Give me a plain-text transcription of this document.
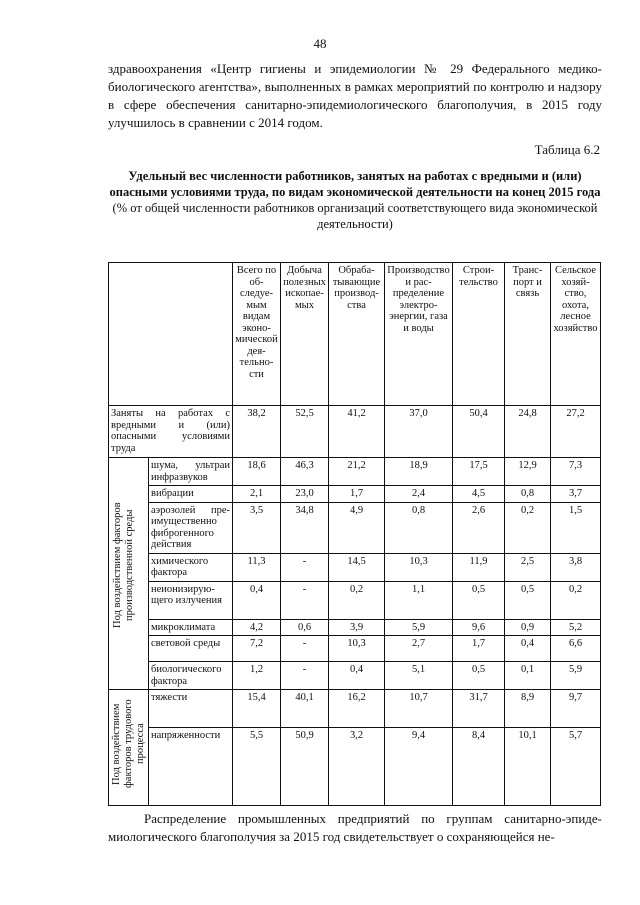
48
здравоохранения «Центр гигиены и эпидемиологии № 29 Федерального медико-биологического агентства», выполненных в рамках мероприятий по контролю и надзору в сфере обеспечения санитарно-эпидемиологического благополучия, в 2015 году улучшилось в сравнении с 2014 годом.
Таблица 6.2
Удельный вес численности работников, занятых на работах с вредными и (или) опасными условиями труда, по видам экономической деятельности на конец 2015 года
(% от общей численности работников организаций соответствующего вида экономической деятельности)
		Всего по обследуемым видам экономической деятельности	Добыча полезных ископаемых	Обрабатывающие производства	Производство и распределение электроэнергии, газа и воды	Строительство	Транспорт и связь	Сельское хозяйство, охота, лесное хозяйство
Заняты на работах с вредными и (или) опасными условиями труда		38,2	52,5	41,2	37,0	50,4	24,8	27,2

Под воздействием факторов производственной среды	шума, ультраи инфразвуков	18,6	46,3	21,2	18,9	17,5	12,9	7,3
	вибрации	2,1	23,0	1,7	2,4	4,5	0,8	3,7
	аэрозолей преимущественно фиброгенного действия	3,5	34,8	4,9	0,8	2,6	0,2	1,5
	химического фактора	11,3	-	14,5	10,3	11,9	2,5	3,8
	неионизирующего излучения	0,4	-	0,2	1,1	0,5	0,5	0,2
	микроклимата	4,2	0,6	3,9	5,9	9,6	0,9	5,2
	световой среды	7,2	-	10,3	2,7	1,7	0,4	6,6
	биологического фактора	1,2	-	0,4	5,1	0,5	0,1	5,9

Под воздействием факторов трудового процесса	тяжести	15,4	40,1	16,2	10,7	31,7	8,9	9,7
	напряженности	5,5	50,9	3,2	9,4	8,4	10,1	5,7
Распределение промышленных предприятий по группам санитарно-эпидемиологического благополучия за 2015 год свидетельствует о сохраняющейся не-
